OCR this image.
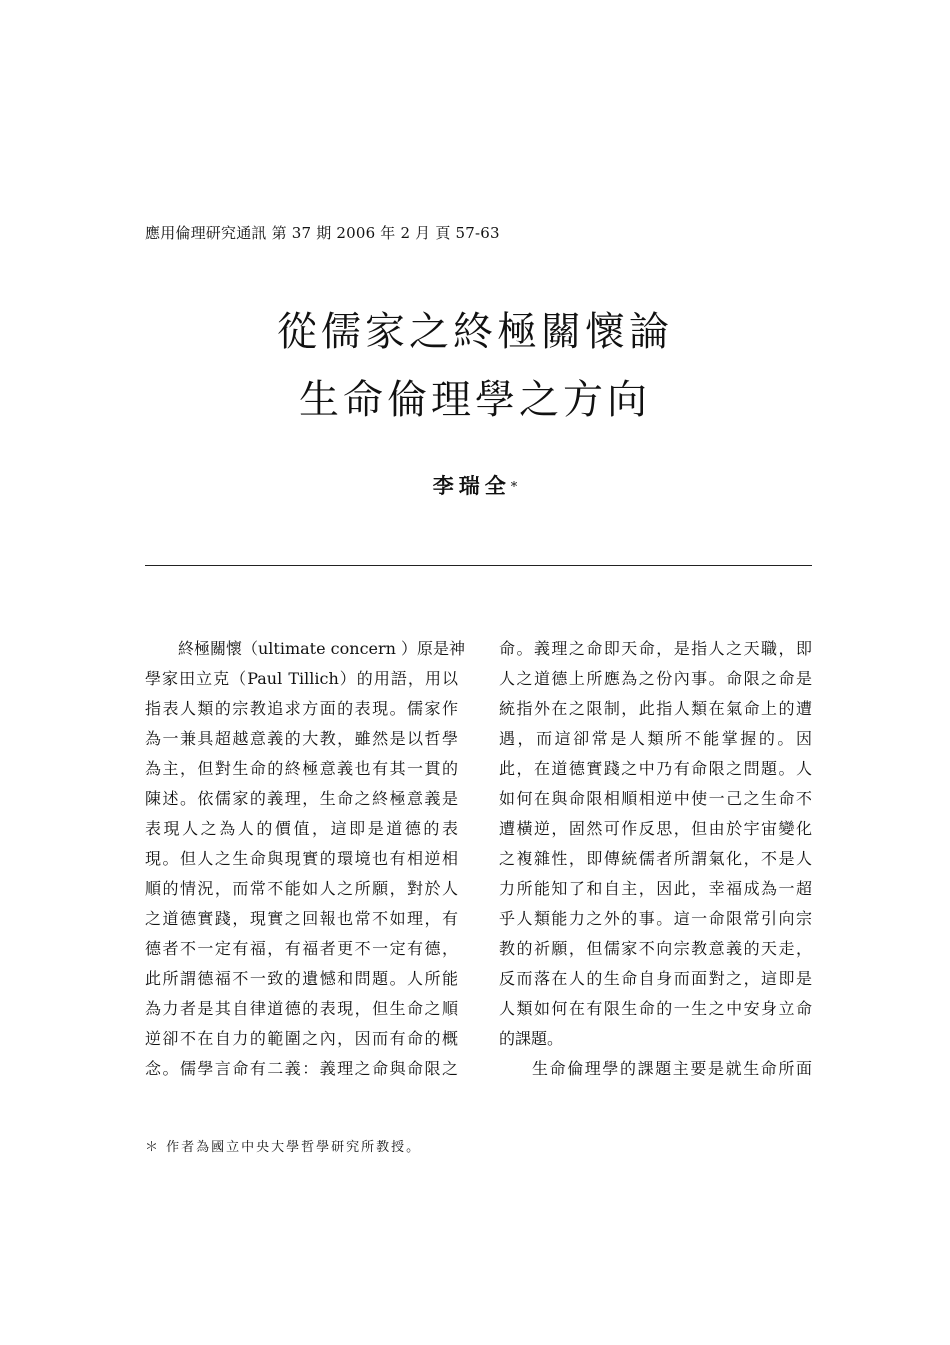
應用倫理研究通訊 第 37 期 2006 年 2 月 頁 57-63
從儒家之終極關懷論
生命倫理學之方向
李瑞全*
終極關懷（ultimate concern ）原是神
學家田立克（Paul Tillich）的用語，用以
指表人類的宗教追求方面的表現。儒家作
為一兼具超越意義的大教，雖然是以哲學
為主，但對生命的終極意義也有其一貫的
陳述。依儒家的義理，生命之終極意義是
表現人之為人的價值，這即是道德的表
現。但人之生命與現實的環境也有相逆相
順的情況，而常不能如人之所願，對於人
之道德實踐，現實之回報也常不如理，有
德者不一定有福，有福者更不一定有德，
此所謂德福不一致的遺憾和問題。人所能
為力者是其自律道德的表現，但生命之順
逆卻不在自力的範圍之內，因而有命的概
念。儒學言命有二義：義理之命與命限之
命。義理之命即天命，是指人之天職，即
人之道德上所應為之份內事。命限之命是
統指外在之限制，此指人類在氣命上的遭
遇，而這卻常是人類所不能掌握的。因
此，在道德實踐之中乃有命限之問題。人
如何在與命限相順相逆中使一己之生命不
遭橫逆，固然可作反思，但由於宇宙變化
之複雜性，即傳統儒者所謂氣化，不是人
力所能知了和自主，因此，幸福成為一超
乎人類能力之外的事。這一命限常引向宗
教的祈願，但儒家不向宗教意義的天走，
反而落在人的生命自身而面對之，這即是
人類如何在有限生命的一生之中安身立命
的課題。
生命倫理學的課題主要是就生命所面
＊ 作者為國立中央大學哲學研究所教授。
